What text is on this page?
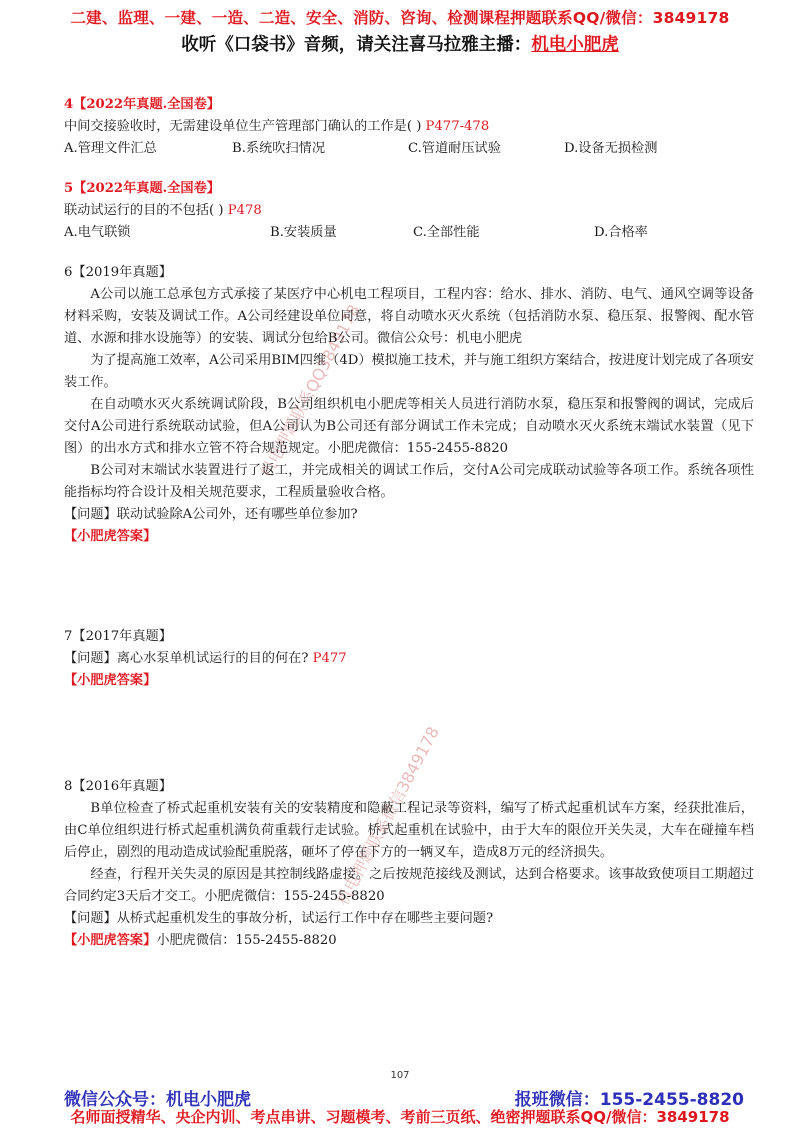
二建、监理、一建、一造、二造、安全、消防、咨询、检测课程押题联系QQ/微信：3849178
收听《口袋书》音频，请关注喜马拉雅主播：机电小肥虎
机电押题联系QQ3849178
机电押题联系微信3849178
4【2022年真题.全国卷】
中间交接验收时，无需建设单位生产管理部门确认的工作是( ) P477-478
A.管理文件汇总	B.系统吹扫情况	C.管道耐压试验	D.设备无损检测
5【2022年真题.全国卷】
联动试运行的目的不包括( ) P478
A.电气联锁	B.安装质量	C.全部性能	D.合格率
6【2019年真题】
A公司以施工总承包方式承接了某医疗中心机电工程项目，工程内容：给水、排水、消防、电气、通风空调等设备材料采购，安装及调试工作。A公司经建设单位同意，将自动喷水灭火系统（包括消防水泵、稳压泵、报警阀、配水管道、水源和排水设施等）的安装、调试分包给B公司。微信公众号：机电小肥虎
为了提高施工效率，A公司采用BIM四维（4D）模拟施工技术，并与施工组织方案结合，按进度计划完成了各项安装工作。
在自动喷水灭火系统调试阶段，B公司组织机电小肥虎等相关人员进行消防水泵，稳压泵和报警阀的调试，完成后交付A公司进行系统联动试验，但A公司认为B公司还有部分调试工作未完成；自动喷水灭火系统末端试水装置（见下图）的出水方式和排水立管不符合规范规定。小肥虎微信：155-2455-8820
B公司对末端试水装置进行了返工，并完成相关的调试工作后，交付A公司完成联动试验等各项工作。系统各项性能指标均符合设计及相关规范要求，工程质量验收合格。
【问题】联动试验除A公司外，还有哪些单位参加?
【小肥虎答案】
7【2017年真题】
【问题】离心水泵单机试运行的目的何在? P477
【小肥虎答案】
8【2016年真题】
B单位检查了桥式起重机安装有关的安装精度和隐蔽工程记录等资料，编写了桥式起重机试车方案，经获批准后，由C单位组织进行桥式起重机满负荷重载行走试验。桥式起重机在试验中，由于大车的限位开关失灵，大车在碰撞车档后停止，剧烈的甩动造成试验配重脱落，砸坏了停在下方的一辆叉车，造成8万元的经济损失。
经查，行程开关失灵的原因是其控制线路虚接。之后按规范接线及测试，达到合格要求。该事故致使项目工期超过合同约定3天后才交工。小肥虎微信：155-2455-8820
【问题】从桥式起重机发生的事故分析，试运行工作中存在哪些主要问题?
【小肥虎答案】小肥虎微信：155-2455-8820
107
微信公众号：机电小肥虎	报班微信：155-2455-8820
名师面授精华、央企内训、考点串讲、习题模考、考前三页纸、绝密押题联系QQ/微信：3849178
